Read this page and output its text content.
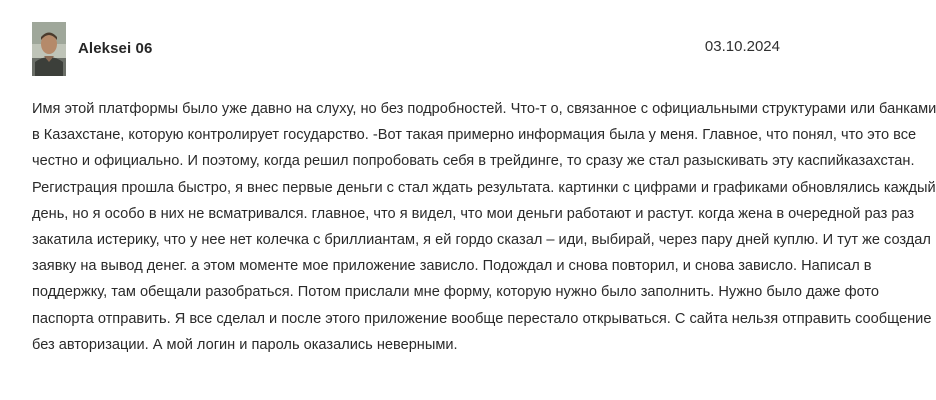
Aleksei 06	03.10.2024
Имя этой платформы было уже давно на слуху, но без подробностей. Что-т о, связанное с официальными структурами или банками
в Казахстане, которую контролирует государство. -Вот такая примерно информация была у меня. Главное, что понял, что это все
честно и официально. И поэтому, когда решил попробовать себя в трейдинге, то сразу же стал разыскивать эту каспийказахстан.
Регистрация прошла быстро, я внес первые деньги с стал ждать результата. картинки с цифрами и графиками обновлялись каждый
день, но я особо в них не всматривался. главное, что я видел, что мои деньги работают и растут. когда жена в очередной раз раз
закатила истерику, что у нее нет колечка с бриллиантам, я ей гордо сказал – иди, выбирай, через пару дней куплю. И тут же создал
заявку на вывод денег. а этом моменте мое приложение зависло. Подождал и снова повторил, и снова зависло. Написал в
поддержку, там обещали разобраться. Потом прислали мне форму, которую нужно было заполнить. Нужно было даже фото
паспорта отправить. Я все сделал и после этого приложение вообще перестало открываться. С сайта нельзя отправить сообщение
без авторизации. А мой логин и пароль оказались неверными.
